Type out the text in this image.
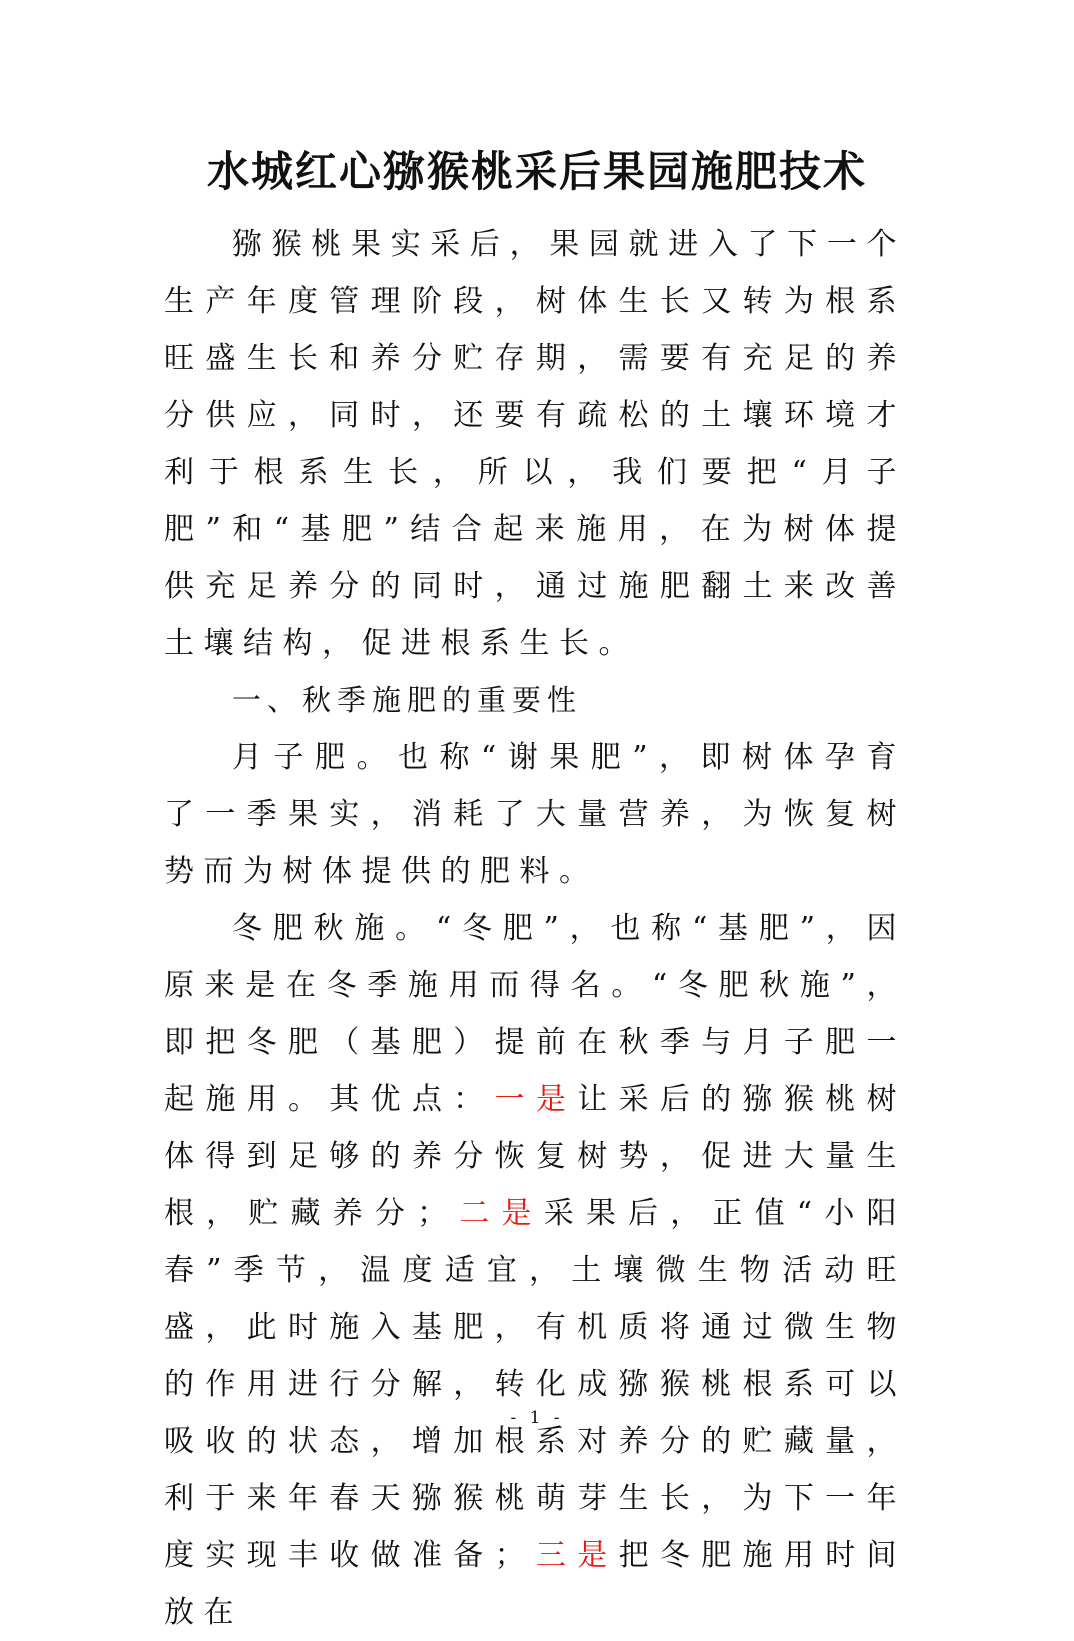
水城红心猕猴桃采后果园施肥技术

猕猴桃果实采后，果园就进入了下一个生产年度管理阶段，树体生长又转为根系旺盛生长和养分贮存期，需要有充足的养分供应，同时，还要有疏松的土壤环境才利于根系生长，所以，我们要把“月子肥”和“基肥”结合起来施用，在为树体提供充足养分的同时，通过施肥翻土来改善土壤结构，促进根系生长。

一、秋季施肥的重要性

月子肥。也称“谢果肥”，即树体孕育了一季果实，消耗了大量营养，为恢复树势而为树体提供的肥料。

冬肥秋施。“冬肥”，也称“基肥”，因原来是在冬季施用而得名。“冬肥秋施”，即把冬肥（基肥）提前在秋季与月子肥一起施用。其优点：一是让采后的猕猴桃树体得到足够的养分恢复树势，促进大量生根，贮藏养分；二是采果后，正值“小阳春”季节，温度适宜，土壤微生物活动旺盛，此时施入基肥，有机质将通过微生物的作用进行分解，转化成猕猴桃根系可以吸收的状态，增加根系对养分的贮藏量，利于来年春天猕猴桃萌芽生长，为下一年度实现丰收做准备；三是把冬肥施用时间放在

- 1 -
